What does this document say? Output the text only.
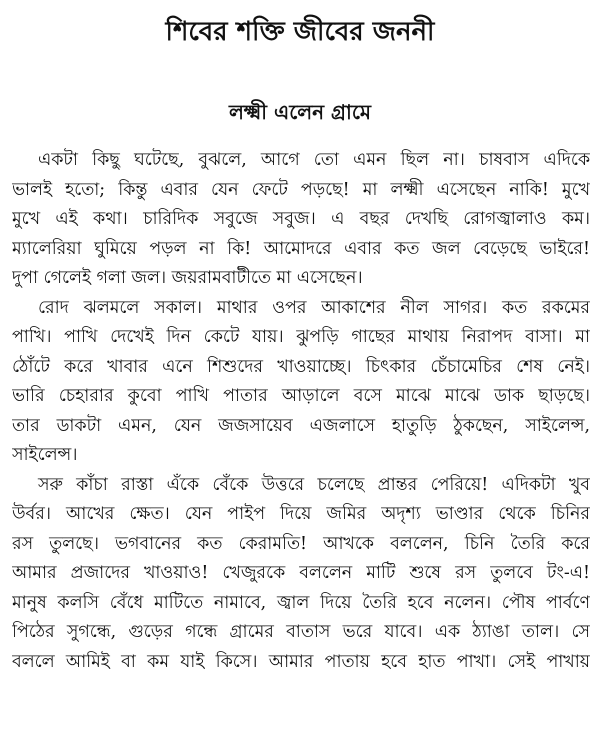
শিবের শক্তি জীবের জননী
লক্ষ্মী এলেন গ্রামে
একটা কিছু ঘটেছে, বুঝলে, আগে তো এমন ছিল না। চাষবাস এদিকে
ভালই হতো; কিন্তু এবার যেন ফেটে পড়ছে! মা লক্ষ্মী এসেছেন নাকি! মুখে
মুখে এই কথা। চারিদিক সবুজে সবুজ। এ বছর দেখছি রোগজ্বালাও কম।
ম্যালেরিয়া ঘুমিয়ে পড়ল না কি! আমোদরে এবার কত জল বেড়েছে ভাইরে!
দুপা গেলেই গলা জল। জয়রামবাটীতে মা এসেছেন।
রোদ ঝলমলে সকাল। মাথার ওপর আকাশের নীল সাগর। কত রকমের
পাখি। পাখি দেখেই দিন কেটে যায়। ঝুপড়ি গাছের মাথায় নিরাপদ বাসা। মা
ঠোঁটে করে খাবার এনে শিশুদের খাওয়াচ্ছে। চিৎকার চেঁচামেচির শেষ নেই।
ভারি চেহারার কুবো পাখি পাতার আড়ালে বসে মাঝে মাঝে ডাক ছাড়ছে।
তার ডাকটা এমন, যেন জজসায়েব এজলাসে হাতুড়ি ঠুকছেন, সাইলেন্স,
সাইলেন্স।
সরু কাঁচা রাস্তা এঁকে বেঁকে উত্তরে চলেছে প্রান্তর পেরিয়ে! এদিকটা খুব
উর্বর। আখের ক্ষেত। যেন পাইপ দিয়ে জমির অদৃশ্য ভাণ্ডার থেকে চিনির
রস তুলছে। ভগবানের কত কেরামতি! আখকে বললেন, চিনি তৈরি করে
আমার প্রজাদের খাওয়াও! খেজুরকে বললেন মাটি শুষে রস তুলবে টং-এ!
মানুষ কলসি বেঁধে মাটিতে নামাবে, জ্বাল দিয়ে তৈরি হবে নলেন। পৌষ পার্বণে
পিঠের সুগন্ধে, গুড়ের গন্ধে গ্রামের বাতাস ভরে যাবে। এক ঠ্যাঙা তাল। সে
বললে আমিই বা কম যাই কিসে। আমার পাতায় হবে হাত পাখা। সেই পাখায়
